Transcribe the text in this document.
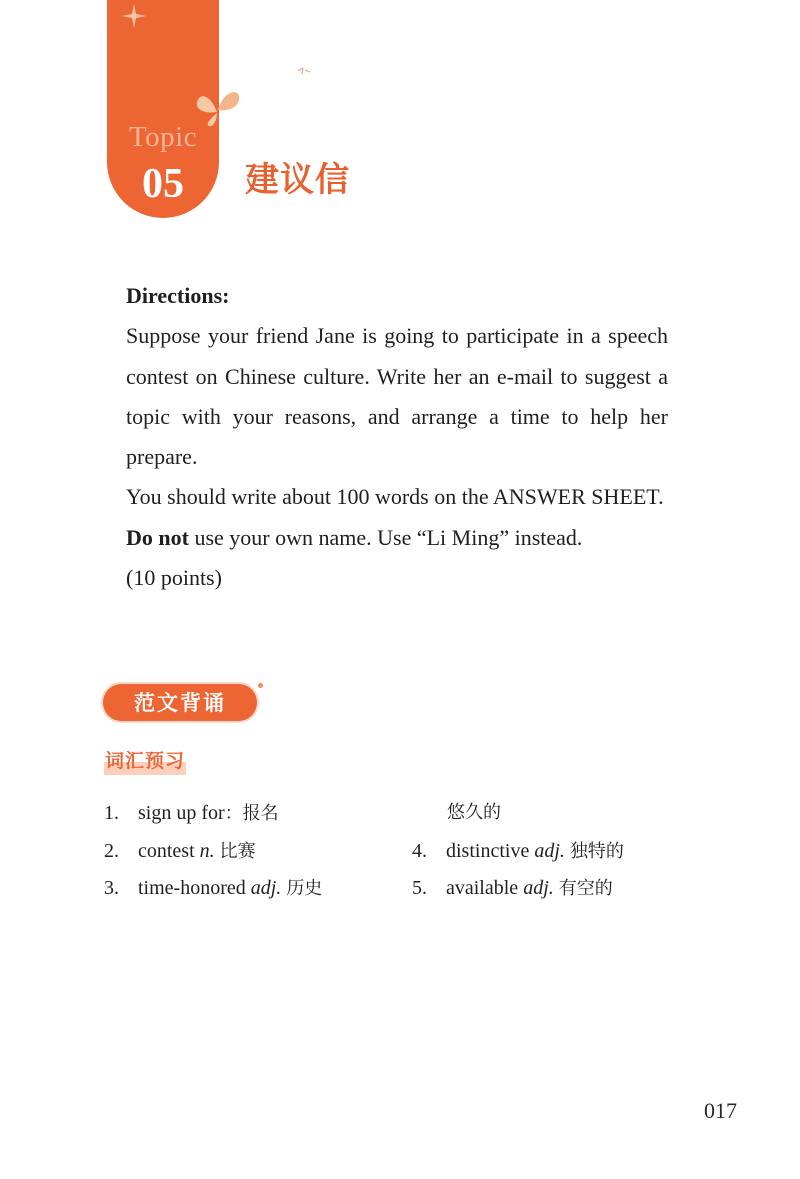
Topic
05	建议信
Directions:

Suppose your friend Jane is going to participate in a speech contest on Chinese culture. Write her an e-mail to suggest a topic with your reasons, and arrange a time to help her prepare.

You should write about 100 words on the ANSWER SHEET.

Do not use your own name. Use “Li Ming” instead.

(10 points)

范文背诵
词汇预习
1. sign up for：报名	悠久的
2. contest n. 比赛
3. time-honored adj. 历史
4. distinctive adj. 独特的
5. available adj. 有空的
017
